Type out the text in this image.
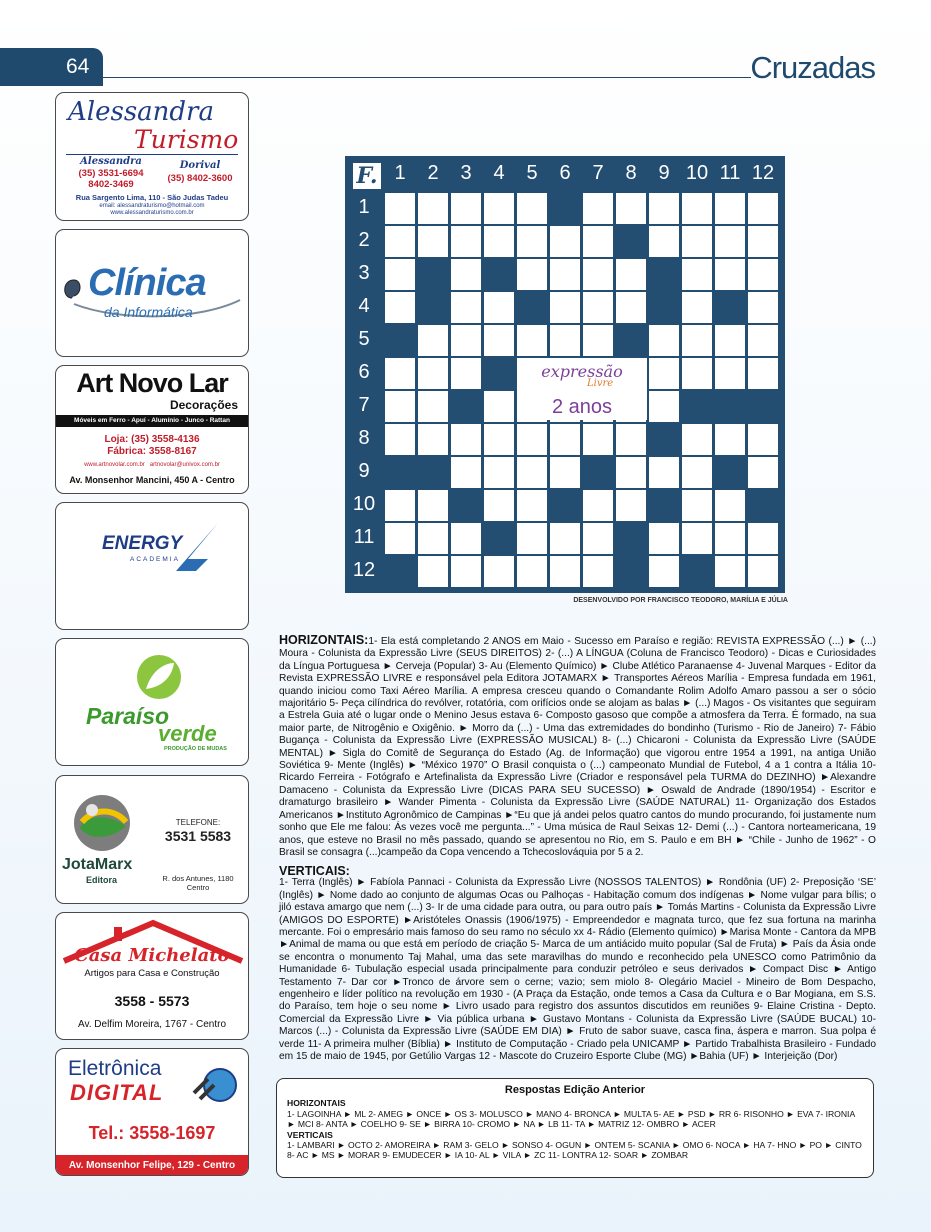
64	Cruzadas
Alessandra
Turismo
Alessandra
(35) 3531-6694
8402-3469
Dorival
(35) 8402-3600
Rua Sargento Lima, 110 - São Judas Tadeu
email: alessandraturismo@hotmail.com
www.alessandraturismo.com.br
Clínica
da Informática
Art Novo Lar
Decorações
Móveis em Ferro - Apuí - Alumínio - Junco - Rattan
Loja: (35) 3558-4136
Fábrica: 3558-8167
www.artnovolar.com.br   artnovolar@univox.com.br
Av. Monsenhor Mancini, 450 A - Centro
ENERGY
ACADEMIA
Paraíso
verde
PRODUÇÃO DE MUDAS
JotaMarx
Editora
TELEFONE:
3531 5583
R. dos Antunes, 1180 Centro
Casa Michelato
Artigos para Casa e Construção
3558 - 5573
Av. Delfim Moreira, 1767 - Centro
Eletrônica
DIGITAL
Tel.: 3558-1697
Av. Monsenhor Felipe, 129 - Centro
1	2	3	4	5	6	7	8	9 10 11 12
1
2
3
4
5
6
7
8
9
10
11
12
F.
expressão
Livre
2 anos
DESENVOLVIDO POR FRANCISCO TEODORO, MARÍLIA E JÚLIA
HORIZONTAIS:1- Ela está completando 2 ANOS em Maio - Sucesso em Paraíso e região: REVISTA EXPRESSÃO (...) ► (...) Moura - Colunista da Expressão Livre (SEUS DIREITOS) 2- (...) A LÍNGUA (Coluna de Francisco Teodoro) - Dicas e Curiosidades da Língua Portuguesa ► Cerveja (Popular) 3- Au (Elemento Químico) ► Clube Atlético Paranaense 4- Juvenal Marques - Editor da Revista EXPRESSÃO LIVRE e responsável pela Editora JOTAMARX ► Transportes Aéreos Marília - Empresa fundada em 1961, quando iniciou como Taxi Aéreo Marília. A empresa cresceu quando o Comandante Rolim Adolfo Amaro passou a ser o sócio majoritário 5- Peça cilíndrica do revólver, rotatória, com orifícios onde se alojam as balas ► (...) Magos - Os visitantes que seguiram a Estrela Guia até o lugar onde o Menino Jesus estava 6- Composto gasoso que compõe a atmosfera da Terra. É formado, na sua maior parte, de Nitrogênio e Oxigênio. ► Morro da (...) - Uma das extremidades do bondinho (Turismo - Rio de Janeiro) 7- Fábio Bugança - Colunista da Expressão Livre (EXPRESSÃO MUSICAL) 8- (...) Chicaroni - Colunista da Expressão Livre (SAÚDE MENTAL) ► Sigla do Comitê de Segurança do Estado (Ag. de Informação) que vigorou entre 1954 a 1991, na antiga União Soviética 9- Mente (Inglês) ► “México 1970” O Brasil conquista o (...) campeonato Mundial de Futebol, 4 a 1 contra a Itália 10- Ricardo Ferreira - Fotógrafo e Artefinalista da Expressão Livre (Criador e responsável pela TURMA do DEZINHO) ►Alexandre Damaceno - Colunista da Expressão Livre (DICAS PARA SEU SUCESSO) ► Oswald de Andrade (1890/1954) - Escritor e dramaturgo brasileiro ► Wander Pimenta - Colunista da Expressão Livre (SAÚDE NATURAL) 11- Organização dos Estados Americanos ►Instituto Agronômico de Campinas ►“Eu que já andei pelos quatro cantos do mundo procurando, foi justamente num sonho que Ele me falou: Ás vezes você me pergunta...” - Uma música de Raul Seixas 12- Demi (...) - Cantora norteamericana, 19 anos, que esteve no Brasil no mês passado, quando se apresentou no Rio, em S. Paulo e em BH ► “Chile - Junho de 1962” - O Brasil se consagra (...)campeão da Copa vencendo a Tchecoslováquia por 5 a 2.
VERTICAIS:
1- Terra (Inglês) ► Fabíola Pannaci - Colunista da Expressão Livre (NOSSOS TALENTOS) ► Rondônia (UF) 2- Preposição ‘SE’ (Inglês) ► Nome dado ao conjunto de algumas Ocas ou Palhoças - Habitação comum dos indígenas ► Nome vulgar para bílis; o jiló estava amargo que nem (...) 3- Ir de uma cidade para outra, ou para outro país ► Tomás Martins - Colunista da Expressão Livre (AMIGOS DO ESPORTE) ►Aristóteles Onassis (1906/1975) - Empreendedor e magnata turco, que fez sua fortuna na marinha mercante. Foi o empresário mais famoso do seu ramo no século xx 4- Rádio (Elemento químico) ►Marisa Monte - Cantora da MPB ►Animal de mama ou que está em período de criação 5- Marca de um antiácido muito popular (Sal de Fruta) ► País da Ásia onde se encontra o monumento Taj Mahal, uma das sete maravilhas do mundo e reconhecido pela UNESCO como Patrimônio da Humanidade 6- Tubulação especial usada principalmente para conduzir petróleo e seus derivados ► Compact Disc ► Antigo Testamento 7- Dar cor ►Tronco de árvore sem o cerne; vazio; sem miolo 8- Olegário Maciel - Mineiro de Bom Despacho, engenheiro e líder político na revolução em 1930 - (A Praça da Estação, onde temos a Casa da Cultura e o Bar Mogiana, em S.S. do Paraíso, tem hoje o seu nome ► Livro usado para registro dos assuntos discutidos em reuniões 9- Elaine Cristina - Depto. Comercial da Expressão Livre ► Via pública urbana ► Gustavo Montans - Colunista da Expressão Livre (SAÚDE BUCAL) 10- Marcos (...) - Colunista da Expressão Livre (SAÚDE EM DIA) ► Fruto de sabor suave, casca fina, áspera e marron. Sua polpa é verde 11- A primeira mulher (Bíblia) ► Instituto de Computação - Criado pela UNICAMP ► Partido Trabalhista Brasileiro - Fundado em 15 de maio de 1945, por Getúlio Vargas 12 - Mascote do Cruzeiro Esporte Clube (MG) ►Bahia (UF) ► Interjeição (Dor)
Respostas Edição Anterior
HORIZONTAIS
1- LAGOINHA ► ML 2- AMEG ► ONCE ► OS 3- MOLUSCO ► MANO 4- BRONCA ► MULTA 5- AE ► PSD ► RR 6- RISONHO ► EVA 7- IRONIA ► MCI 8- ANTA ► COELHO 9- SE ► BIRRA 10- CROMO ► NA ► LB 11- TA ► MATRIZ 12- OMBRO ► ACER
VERTICAIS
1- LAMBARI ► OCTO 2- AMOREIRA ► RAM 3- GELO ► SONSO 4- OGUN ► ONTEM 5- SCANIA ► OMO 6- NOCA ► HA 7- HNO ► PO ► CINTO 8- AC ► MS ► MORAR 9- EMUDECER ► IA 10- AL ► VILA ► ZC 11- LONTRA 12- SOAR ► ZOMBAR
